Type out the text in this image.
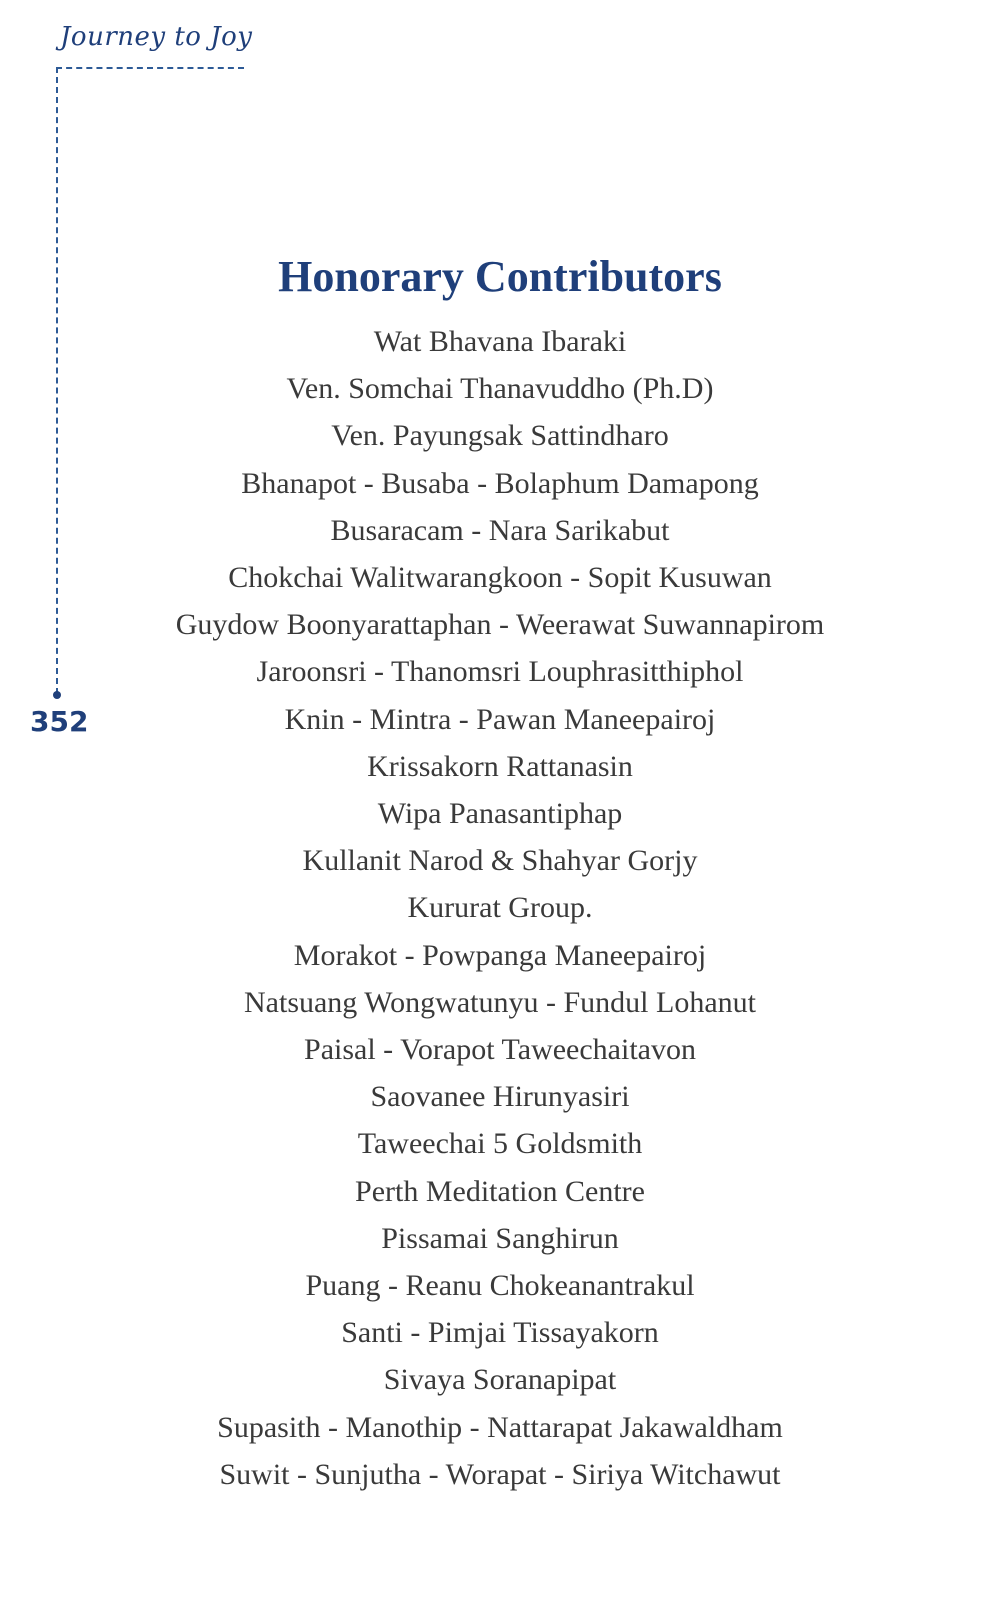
Journey to Joy
352
Honorary Contributors
Wat Bhavana Ibaraki
Ven. Somchai Thanavuddho (Ph.D)
Ven. Payungsak Sattindharo
Bhanapot - Busaba - Bolaphum Damapong
Busaracam - Nara Sarikabut
Chokchai Walitwarangkoon - Sopit Kusuwan
Guydow Boonyarattaphan - Weerawat Suwannapirom
Jaroonsri - Thanomsri Louphrasitthiphol
Knin - Mintra - Pawan Maneepairoj
Krissakorn Rattanasin
Wipa Panasantiphap
Kullanit Narod & Shahyar Gorjy
Kururat Group.
Morakot - Powpanga Maneepairoj
Natsuang Wongwatunyu - Fundul Lohanut
Paisal - Vorapot Taweechaitavon
Saovanee Hirunyasiri
Taweechai 5 Goldsmith
Perth Meditation Centre
Pissamai Sanghirun
Puang - Reanu Chokeanantrakul
Santi - Pimjai Tissayakorn
Sivaya Soranapipat
Supasith - Manothip - Nattarapat Jakawaldham
Suwit - Sunjutha - Worapat - Siriya Witchawut
